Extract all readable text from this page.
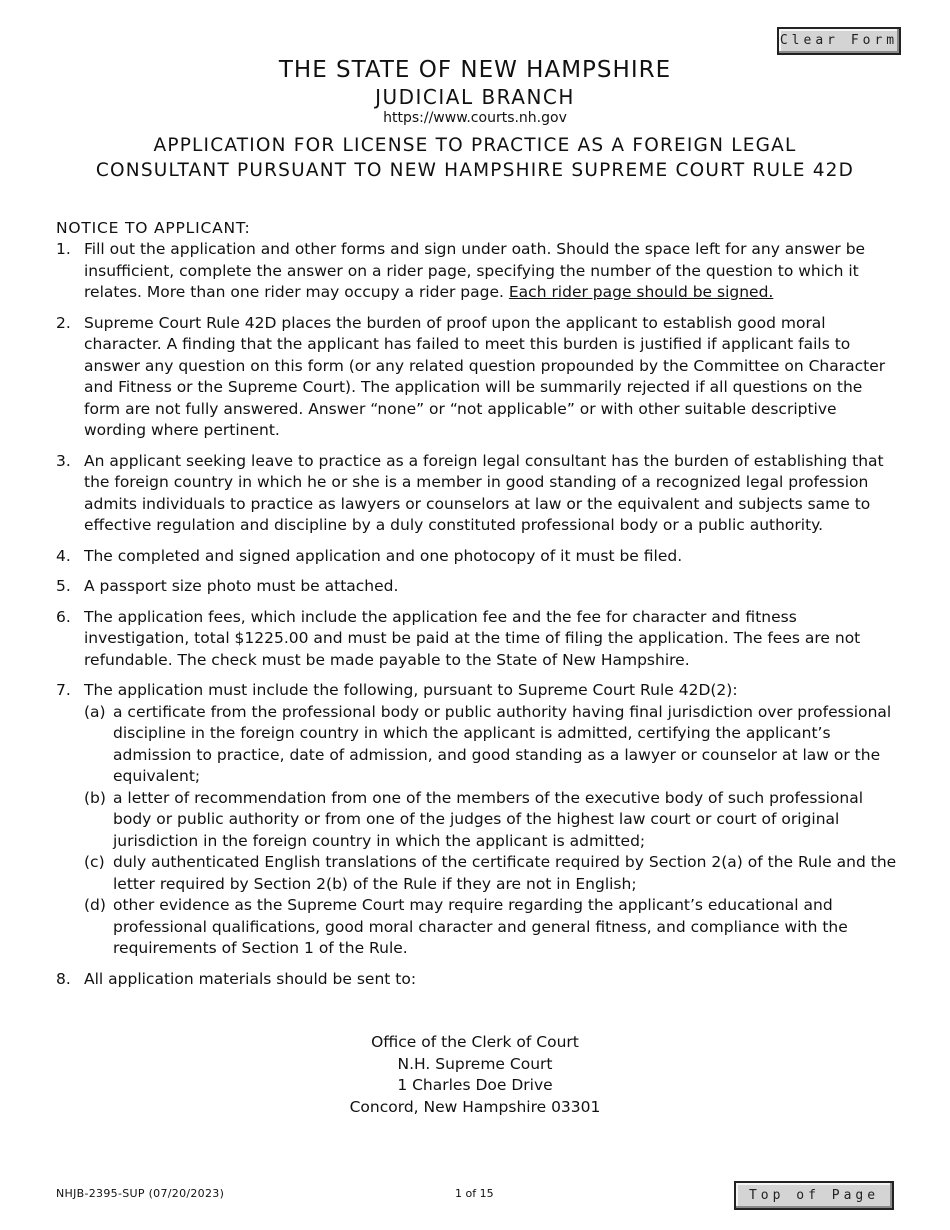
Clear Form
THE STATE OF NEW HAMPSHIRE
JUDICIAL BRANCH
https://www.courts.nh.gov
APPLICATION FOR LICENSE TO PRACTICE AS A FOREIGN LEGAL
CONSULTANT PURSUANT TO NEW HAMPSHIRE SUPREME COURT RULE 42D
NOTICE TO APPLICANT:
1. Fill out the application and other forms and sign under oath. Should the space left for any answer be insufficient, complete the answer on a rider page, specifying the number of the question to which it relates. More than one rider may occupy a rider page. Each rider page should be signed.
2. Supreme Court Rule 42D places the burden of proof upon the applicant to establish good moral character. A finding that the applicant has failed to meet this burden is justified if applicant fails to answer any question on this form (or any related question propounded by the Committee on Character and Fitness or the Supreme Court). The application will be summarily rejected if all questions on the form are not fully answered. Answer “none” or “not applicable” or with other suitable descriptive wording where pertinent.
3. An applicant seeking leave to practice as a foreign legal consultant has the burden of establishing that the foreign country in which he or she is a member in good standing of a recognized legal profession admits individuals to practice as lawyers or counselors at law or the equivalent and subjects same to effective regulation and discipline by a duly constituted professional body or a public authority.
4. The completed and signed application and one photocopy of it must be filed.
5. A passport size photo must be attached.
6. The application fees, which include the application fee and the fee for character and fitness investigation, total $1225.00 and must be paid at the time of filing the application. The fees are not refundable. The check must be made payable to the State of New Hampshire.
7. The application must include the following, pursuant to Supreme Court Rule 42D(2):
(a) a certificate from the professional body or public authority having final jurisdiction over professional discipline in the foreign country in which the applicant is admitted, certifying the applicant’s admission to practice, date of admission, and good standing as a lawyer or counselor at law or the equivalent;
(b) a letter of recommendation from one of the members of the executive body of such professional body or public authority or from one of the judges of the highest law court or court of original jurisdiction in the foreign country in which the applicant is admitted;
(c) duly authenticated English translations of the certificate required by Section 2(a) of the Rule and the letter required by Section 2(b) of the Rule if they are not in English;
(d) other evidence as the Supreme Court may require regarding the applicant’s educational and professional qualifications, good moral character and general fitness, and compliance with the requirements of Section 1 of the Rule.
8. All application materials should be sent to:
Office of the Clerk of Court
N.H. Supreme Court
1 Charles Doe Drive
Concord, New Hampshire 03301
NHJB-2395-SUP (07/20/2023)	1 of 15	Top of Page
